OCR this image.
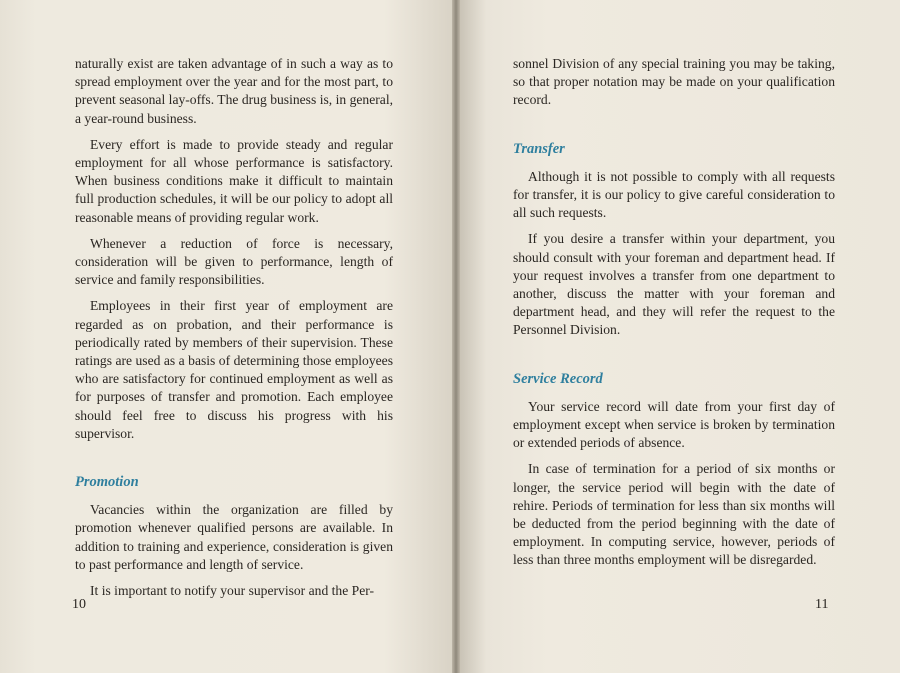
naturally exist are taken advantage of in such a way as to spread employment over the year and for the most part, to prevent seasonal lay-offs. The drug business is, in general, a year-round business.

Every effort is made to provide steady and regular employment for all whose performance is satisfactory. When business conditions make it difficult to maintain full production schedules, it will be our policy to adopt all reasonable means of providing regular work.

Whenever a reduction of force is necessary, consideration will be given to performance, length of service and family responsibilities.

Employees in their first year of employment are regarded as on probation, and their performance is periodically rated by members of their supervision. These ratings are used as a basis of determining those employees who are satisfactory for continued employment as well as for purposes of transfer and promotion. Each employee should feel free to discuss his progress with his supervisor.

Promotion

Vacancies within the organization are filled by promotion whenever qualified persons are available. In addition to training and experience, consideration is given to past performance and length of service.

It is important to notify your supervisor and the Per-

10

sonnel Division of any special training you may be taking, so that proper notation may be made on your qualification record.

Transfer

Although it is not possible to comply with all requests for transfer, it is our policy to give careful consideration to all such requests.

If you desire a transfer within your department, you should consult with your foreman and department head. If your request involves a transfer from one department to another, discuss the matter with your foreman and department head, and they will refer the request to the Personnel Division.

Service Record

Your service record will date from your first day of employment except when service is broken by termination or extended periods of absence.

In case of termination for a period of six months or longer, the service period will begin with the date of rehire. Periods of termination for less than six months will be deducted from the period beginning with the date of employment. In computing service, however, periods of less than three months employment will be disregarded.

11
